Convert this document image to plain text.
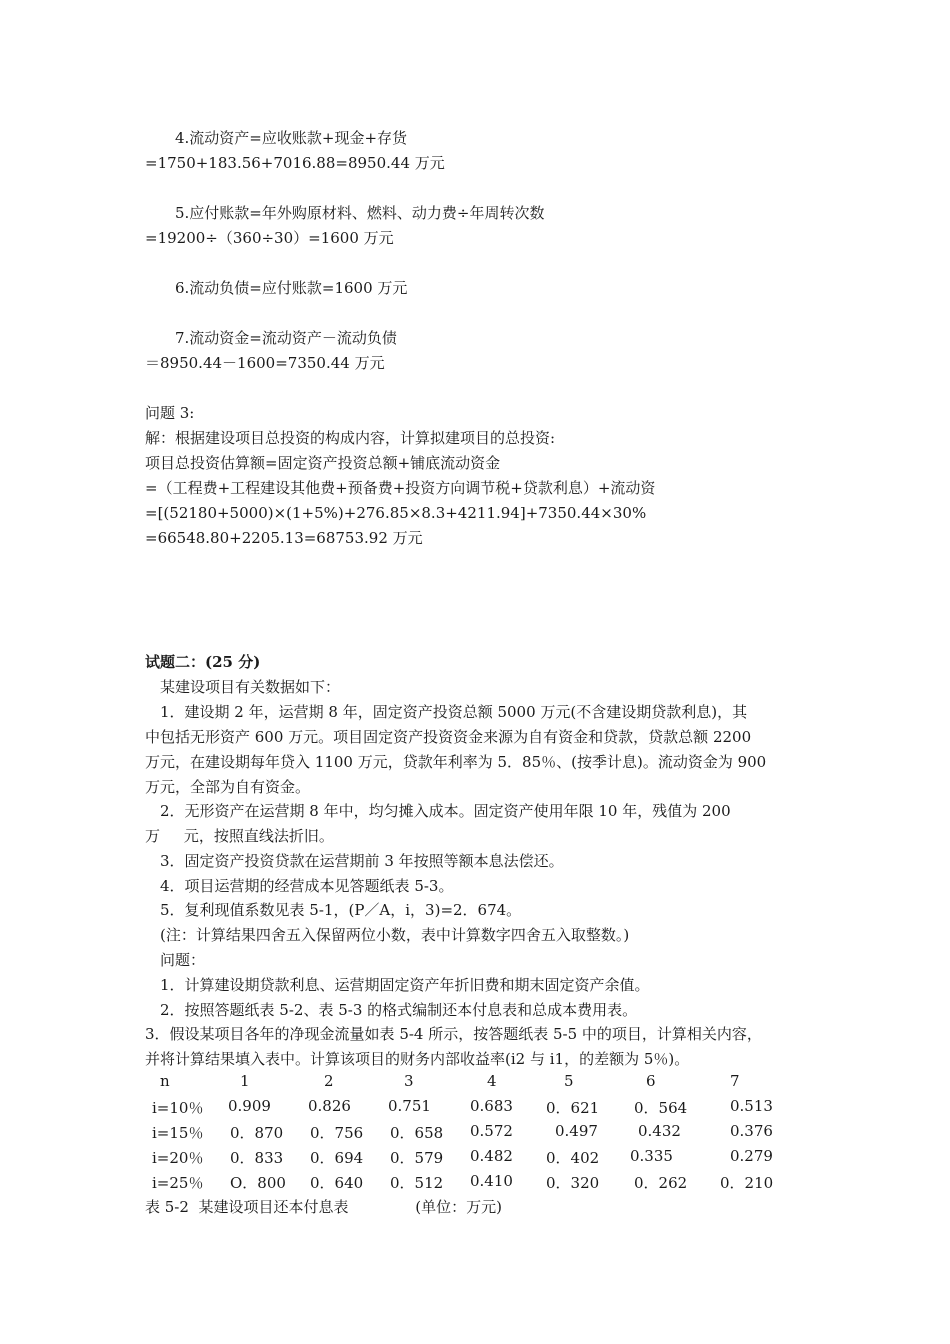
4.流动资产=应收账款+现金+存货
=1750+183.56+7016.88=8950.44 万元
5.应付账款=年外购原材料、燃料、动力费÷年周转次数
=19200÷（360÷30）=1600 万元
6.流动负债=应付账款=1600 万元
7.流动资金=流动资产－流动负债
＝8950.44－1600=7350.44 万元
问题 3:
解：根据建设项目总投资的构成内容，计算拟建项目的总投资:
项目总投资估算额=固定资产投资总额+铺底流动资金
=（工程费+工程建设其他费+预备费+投资方向调节税+贷款利息）+流动资
=[(52180+5000)×(1+5%)+276.85×8.3+4211.94]+7350.44×30%
=66548.80+2205.13=68753.92 万元
试题二：(25 分)
某建设项目有关数据如下：
1．建设期 2 年，运营期 8 年，固定资产投资总额 5000 万元(不含建设期贷款利息)，其
中包括无形资产 600 万元。项目固定资产投资资金来源为自有资金和贷款，贷款总额 2200
万元，在建设期每年贷入 1100 万元，贷款年利率为 5．85％、(按季计息)。流动资金为 900
万元，全部为自有资金。
2．无形资产在运营期 8 年中，均匀摊入成本。固定资产使用年限 10 年，残值为 200
万     元，按照直线法折旧。
3．固定资产投资贷款在运营期前 3 年按照等额本息法偿还。
4．项目运营期的经营成本见答题纸表 5-3。
5．复利现值系数见表 5-1，(P／A，i，3)=2．674。
(注：计算结果四舍五入保留两位小数，表中计算数字四舍五入取整数。)
问题：
1．计算建设期贷款利息、运营期固定资产年折旧费和期末固定资产余值。
2．按照答题纸表 5-2、表 5-3 的格式编制还本付息表和总成本费用表。
3．假设某项目各年的净现金流量如表 5-4 所示，按答题纸表 5-5 中的项目，计算相关内容，
并将计算结果填入表中。计算该项目的财务内部收益率(i2 与 i1，的差额为 5％)。
n	1	2	3	4	5	6	7
i=10％ 0.909 0.826 0.751	0.683 0．621 0．564	0.513
i=15％ 0．870 0．756 0．658 0.572	0.497	0.432	0.376
i=20％ 0．833 0．694 0．579 0.482 0．402 0.335	0.279
i=25％ O．800 0．640 0．512 0.410 0．320 0．262 0．210
表 5-2  某建设项目还本付息表              (单位：万元)
